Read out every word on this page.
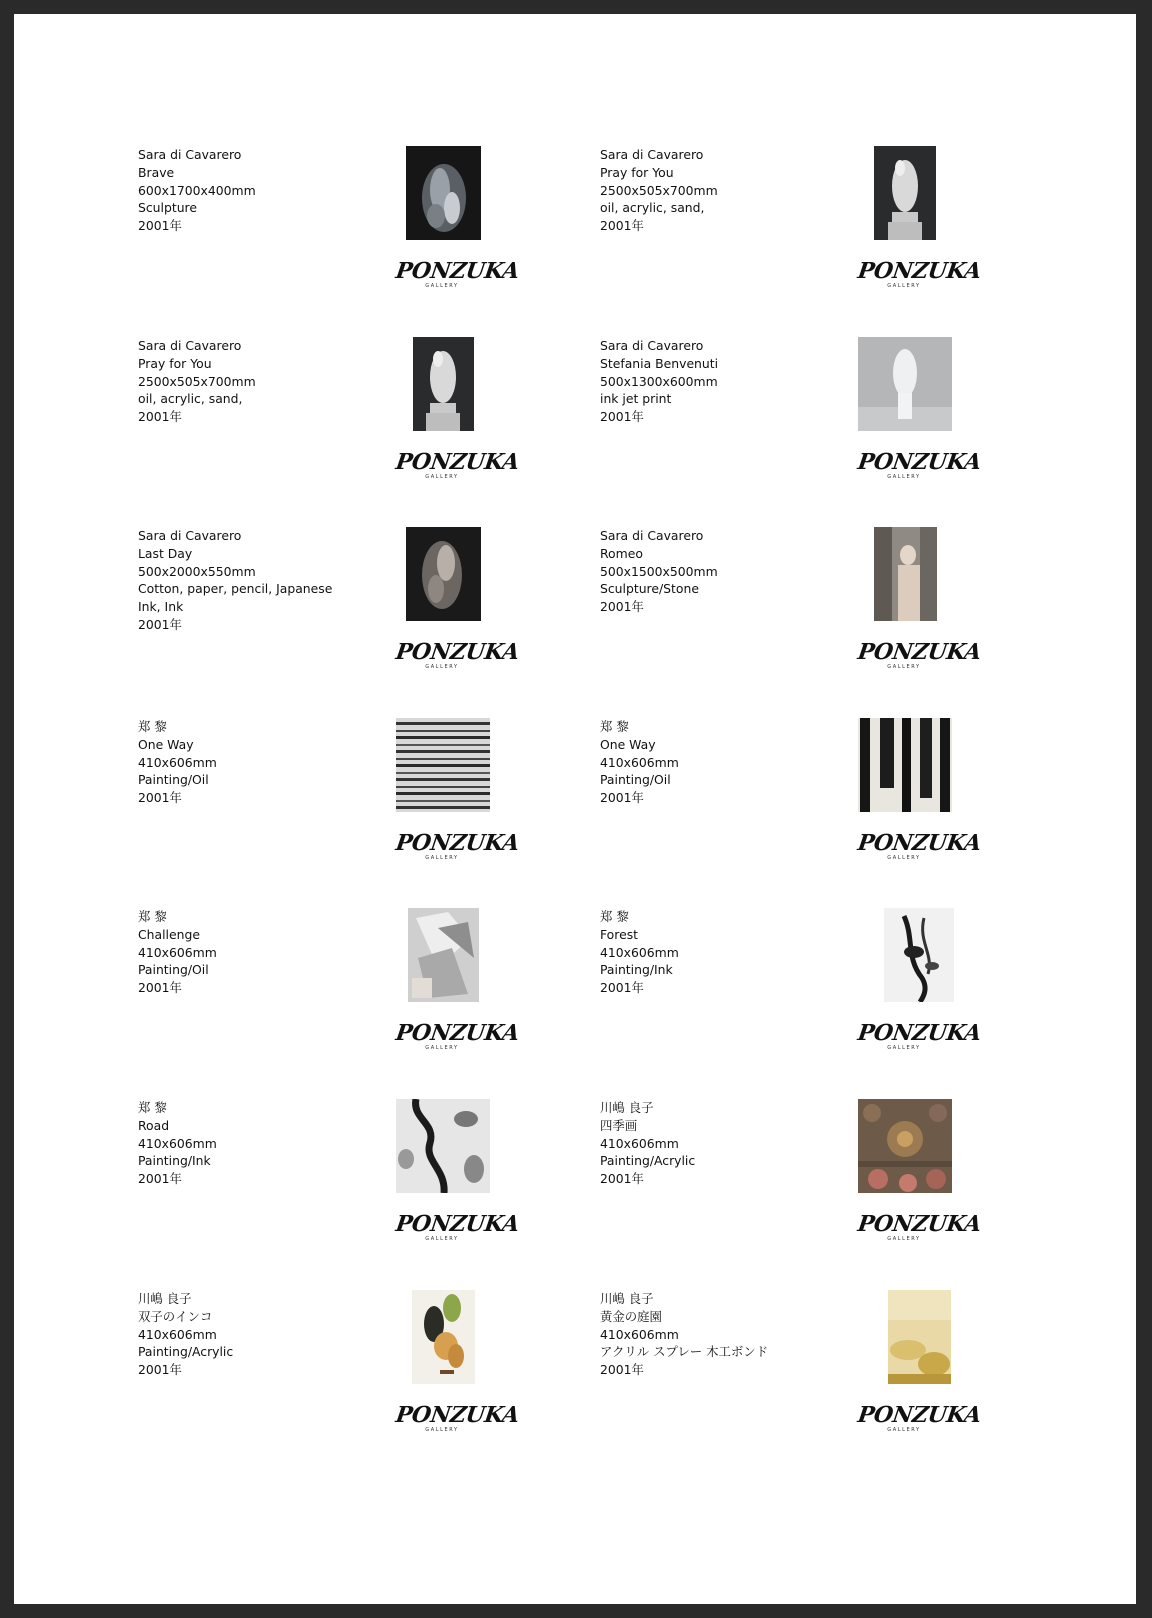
Sara di Cavarero
Brave
600x1700x400mm
Sculpture
2001年
PONZUKA
GALLERY
Sara di Cavarero
Pray for You
2500x505x700mm
oil, acrylic, sand,
2001年
PONZUKA
GALLERY
Sara di Cavarero
Pray for You
2500x505x700mm
oil, acrylic, sand,
2001年
PONZUKA
GALLERY
Sara di Cavarero
Stefania Benvenuti
500x1300x600mm
ink jet print
2001年
PONZUKA
GALLERY
Sara di Cavarero
Last Day
500x2000x550mm
Cotton, paper, pencil, Japanese Ink, Ink
2001年
PONZUKA
GALLERY
Sara di Cavarero
Romeo
500x1500x500mm
Sculpture/Stone
2001年
PONZUKA
GALLERY
郑 黎
One Way
410x606mm
Painting/Oil
2001年
PONZUKA
GALLERY
郑 黎
One Way
410x606mm
Painting/Oil
2001年
PONZUKA
GALLERY
郑 黎
Challenge
410x606mm
Painting/Oil
2001年
PONZUKA
GALLERY
郑 黎
Forest
410x606mm
Painting/Ink
2001年
PONZUKA
GALLERY
郑 黎
Road
410x606mm
Painting/Ink
2001年
PONZUKA
GALLERY
川嶋 良子
四季画
410x606mm
Painting/Acrylic
2001年
PONZUKA
GALLERY
川嶋 良子
双子のインコ
410x606mm
Painting/Acrylic
2001年
PONZUKA
GALLERY
川嶋 良子
黄金の庭園
410x606mm
アクリル スプレー 木工ボンド
2001年
PONZUKA
GALLERY
